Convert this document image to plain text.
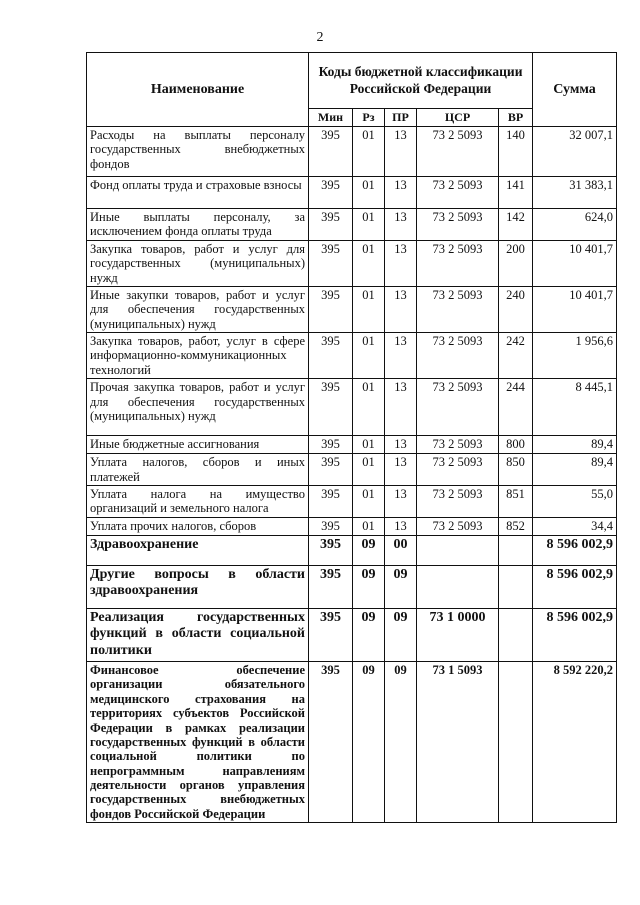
2
Наименование	Коды бюджетной классификации Российской Федерации					Сумма
	Мин	Рз	ПР	ЦСР	ВР	
Расходы на выплаты персоналу государственных внебюджетных фондов	395	01	13	73 2 5093	140	32 007,1
Фонд оплаты труда и страховые взносы	395	01	13	73 2 5093	141	31 383,1
Иные выплаты персоналу, за исключением фонда оплаты труда	395	01	13	73 2 5093	142	624,0
Закупка товаров, работ и услуг для государственных (муниципальных) нужд	395	01	13	73 2 5093	200	10 401,7
Иные закупки товаров, работ и услуг для обеспечения государственных (муниципальных) нужд	395	01	13	73 2 5093	240	10 401,7
Закупка товаров, работ, услуг в сфере информационно-коммуникационных технологий	395	01	13	73 2 5093	242	1 956,6
Прочая закупка товаров, работ и услуг для обеспечения государственных (муниципальных) нужд	395	01	13	73 2 5093	244	8 445,1
Иные бюджетные ассигнования	395	01	13	73 2 5093	800	89,4
Уплата налогов, сборов и иных платежей	395	01	13	73 2 5093	850	89,4
Уплата налога на имущество организаций и земельного налога	395	01	13	73 2 5093	851	55,0
Уплата прочих налогов, сборов	395	01	13	73 2 5093	852	34,4
Здравоохранение	395	09	00			8 596 002,9
Другие вопросы в области здравоохранения	395	09	09			8 596 002,9
Реализация государственных функций в области социальной политики	395	09	09	73 1 0000		8 596 002,9
Финансовое обеспечение организации обязательного медицинского страхования на территориях субъектов Российской Федерации в рамках реализации государственных функций в области социальной политики по непрограммным направлениям деятельности органов управления государственных внебюджетных фондов Российской Федерации	395	09	09	73 1 5093		8 592 220,2
